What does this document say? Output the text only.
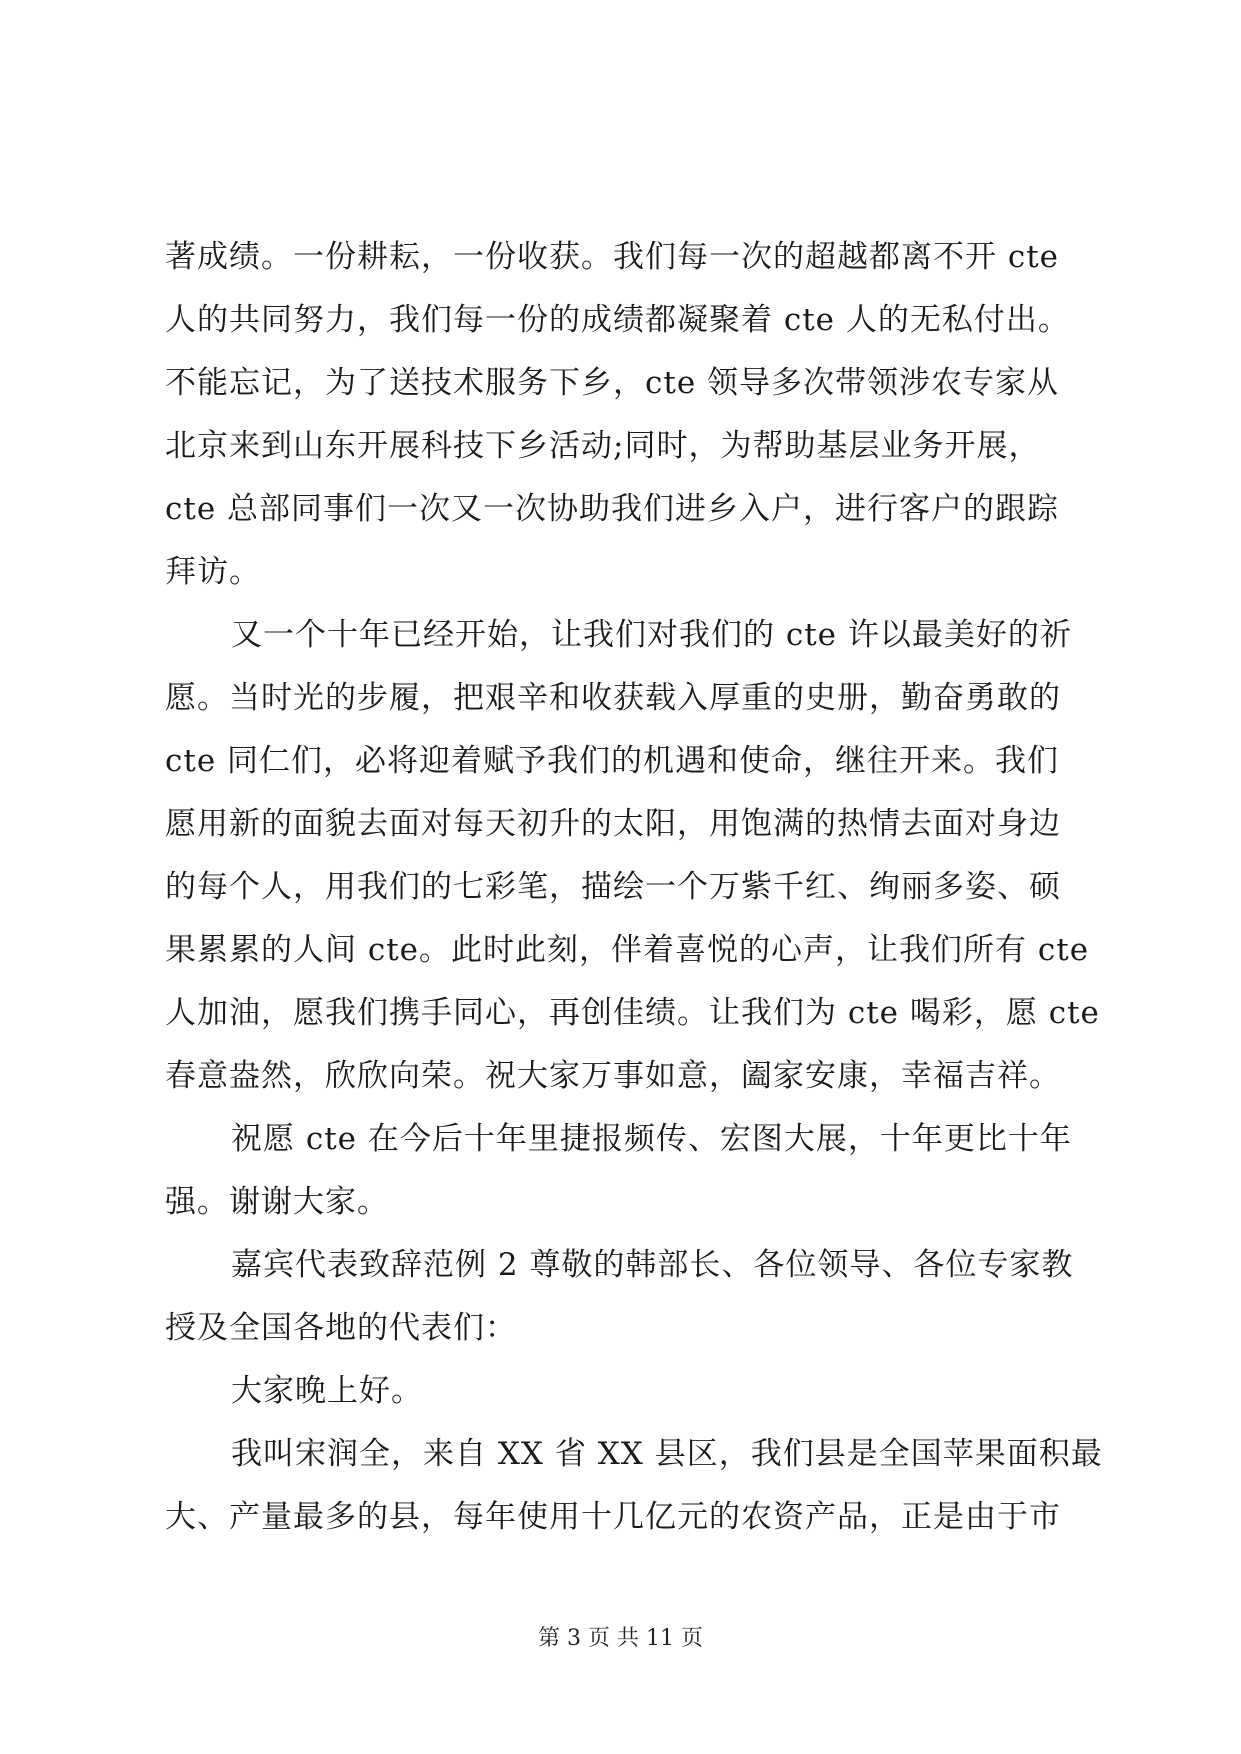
著成绩。一份耕耘，一份收获。我们每一次的超越都离不开 cte
人的共同努力，我们每一份的成绩都凝聚着 cte 人的无私付出。
不能忘记，为了送技术服务下乡，cte 领导多次带领涉农专家从
北京来到山东开展科技下乡活动;同时，为帮助基层业务开展，
cte 总部同事们一次又一次协助我们进乡入户，进行客户的跟踪
拜访。
又一个十年已经开始，让我们对我们的 cte 许以最美好的祈
愿。当时光的步履，把艰辛和收获载入厚重的史册，勤奋勇敢的
cte 同仁们，必将迎着赋予我们的机遇和使命，继往开来。我们
愿用新的面貌去面对每天初升的太阳，用饱满的热情去面对身边
的每个人，用我们的七彩笔，描绘一个万紫千红、绚丽多姿、硕
果累累的人间 cte。此时此刻，伴着喜悦的心声，让我们所有 cte
人加油，愿我们携手同心，再创佳绩。让我们为 cte 喝彩，愿 cte
春意盎然，欣欣向荣。祝大家万事如意，阖家安康，幸福吉祥。
祝愿 cte 在今后十年里捷报频传、宏图大展，十年更比十年
强。谢谢大家。
嘉宾代表致辞范例 2 尊敬的韩部长、各位领导、各位专家教
授及全国各地的代表们：
大家晚上好。
我叫宋润全，来自 XX 省 XX 县区，我们县是全国苹果面积最
大、产量最多的县，每年使用十几亿元的农资产品，正是由于市
第 3 页 共 11 页
